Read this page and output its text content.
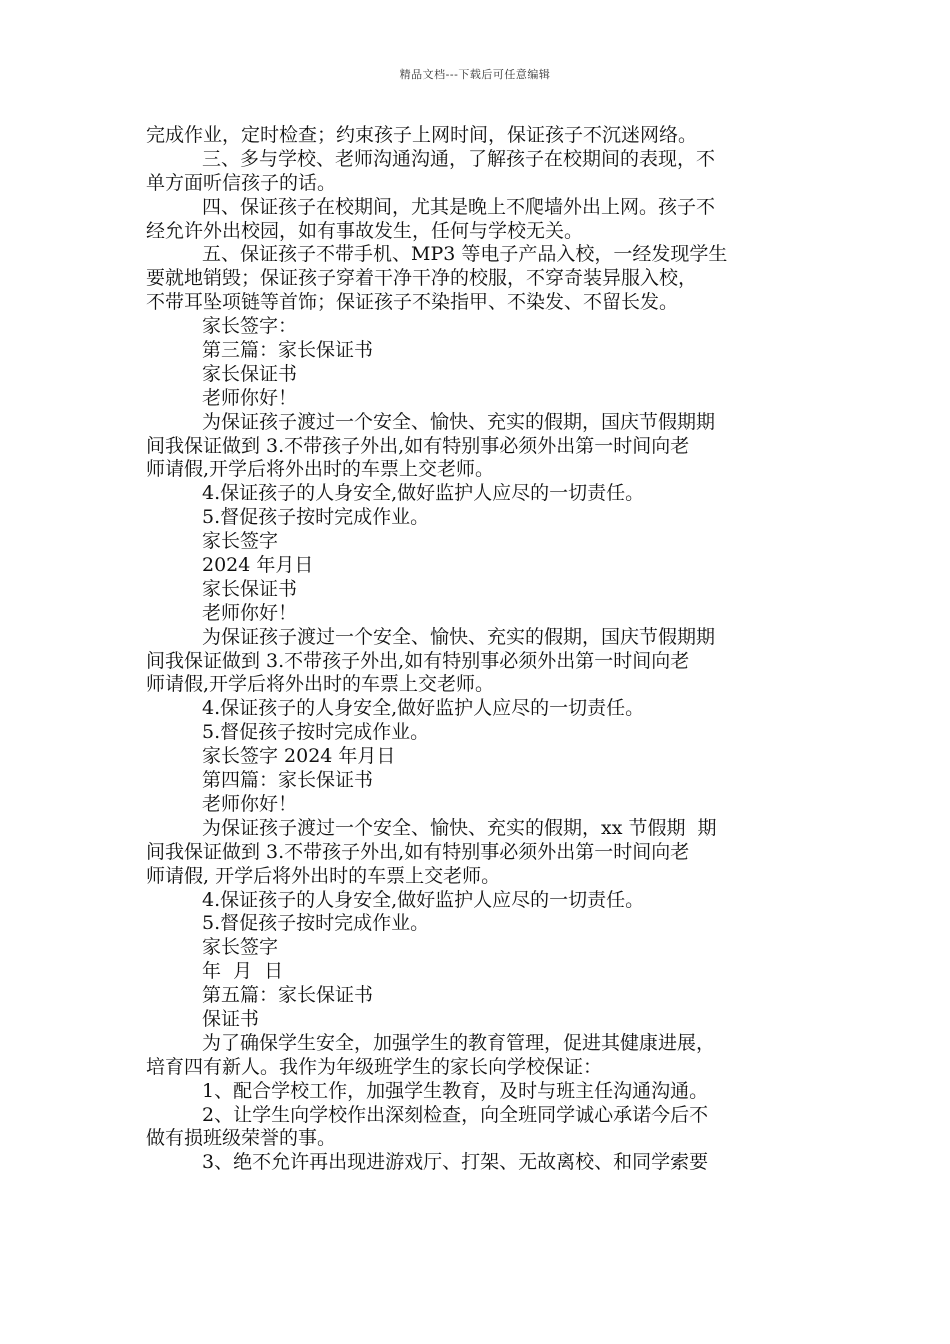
精品文档---下载后可任意编辑
完成作业，定时检查；约束孩子上网时间，保证孩子不沉迷网络。
三、多与学校、老师沟通沟通，了解孩子在校期间的表现，不
单方面听信孩子的话。
四、保证孩子在校期间，尤其是晚上不爬墙外出上网。孩子不
经允许外出校园，如有事故发生，任何与学校无关。
五、保证孩子不带手机、MP3 等电子产品入校，一经发现学生
要就地销毁；保证孩子穿着干净干净的校服，不穿奇装异服入校，
不带耳坠项链等首饰；保证孩子不染指甲、不染发、不留长发。
家长签字：
第三篇：家长保证书
家长保证书
老师你好！
为保证孩子渡过一个安全、愉快、充实的假期，国庆节假期期
间我保证做到 3.不带孩子外出,如有特别事必须外出第一时间向老
师请假,开学后将外出时的车票上交老师。
4.保证孩子的人身安全,做好监护人应尽的一切责任。
5.督促孩子按时完成作业。
家长签字
2024 年月日
家长保证书
老师你好！
为保证孩子渡过一个安全、愉快、充实的假期，国庆节假期期
间我保证做到 3.不带孩子外出,如有特别事必须外出第一时间向老
师请假,开学后将外出时的车票上交老师。
4.保证孩子的人身安全,做好监护人应尽的一切责任。
5.督促孩子按时完成作业。
家长签字 2024 年月日
第四篇：家长保证书
老师你好！
为保证孩子渡过一个安全、愉快、充实的假期，xx 节假期  期
间我保证做到 3.不带孩子外出,如有特别事必须外出第一时间向老
师请假, 开学后将外出时的车票上交老师。
4.保证孩子的人身安全,做好监护人应尽的一切责任。
5.督促孩子按时完成作业。
家长签字
年  月  日
第五篇：家长保证书
保证书
为了确保学生安全，加强学生的教育管理，促进其健康进展，
培育四有新人。我作为年级班学生的家长向学校保证：
1、配合学校工作，加强学生教育，及时与班主任沟通沟通。
2、让学生向学校作出深刻检查，向全班同学诚心承诺今后不
做有损班级荣誉的事。
3、绝不允许再出现进游戏厅、打架、无故离校、和同学索要
